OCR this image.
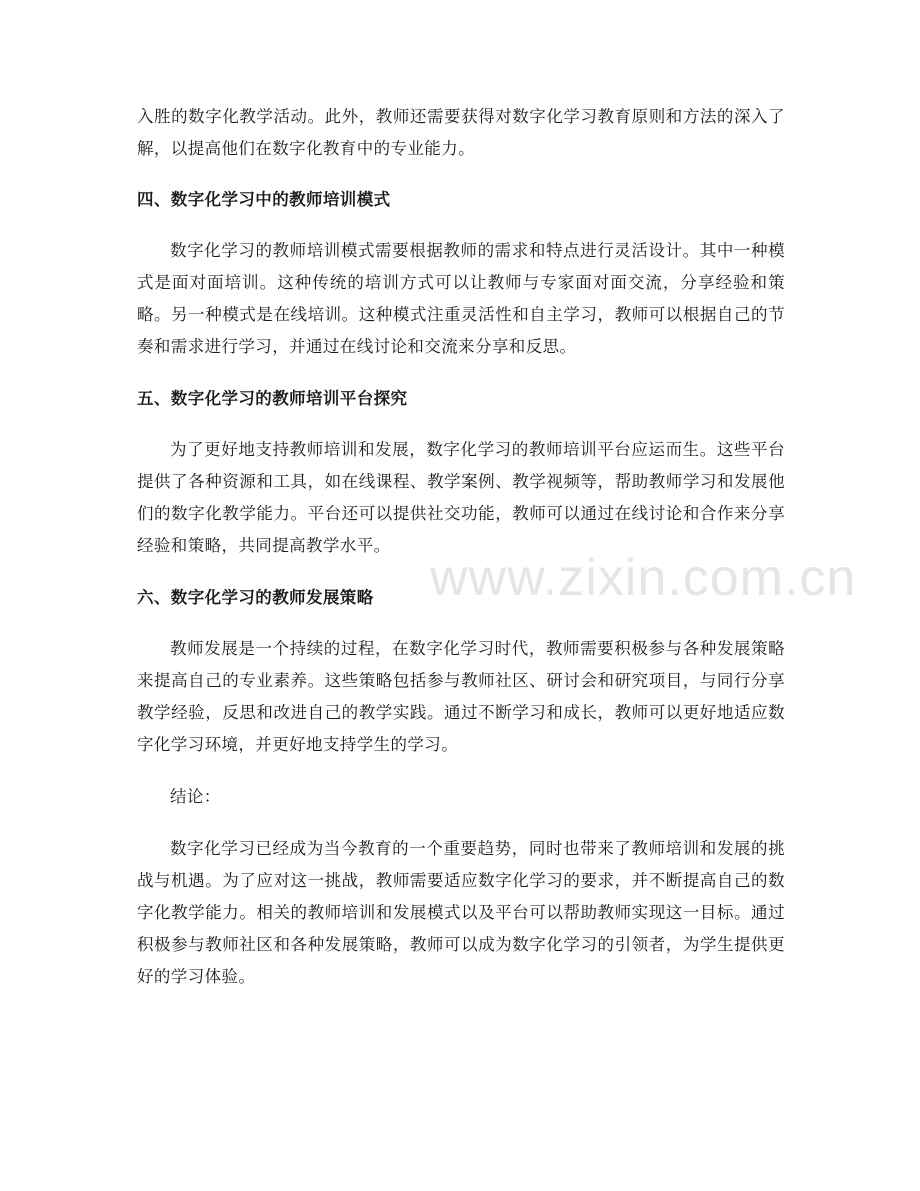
入胜的数字化教学活动。此外，教师还需要获得对数字化学习教育原则和方法的深入了解，以提高他们在数字化教育中的专业能力。

四、数字化学习中的教师培训模式

数字化学习的教师培训模式需要根据教师的需求和特点进行灵活设计。其中一种模式是面对面培训。这种传统的培训方式可以让教师与专家面对面交流，分享经验和策略。另一种模式是在线培训。这种模式注重灵活性和自主学习，教师可以根据自己的节奏和需求进行学习，并通过在线讨论和交流来分享和反思。

五、数字化学习的教师培训平台探究

为了更好地支持教师培训和发展，数字化学习的教师培训平台应运而生。这些平台提供了各种资源和工具，如在线课程、教学案例、教学视频等，帮助教师学习和发展他们的数字化教学能力。平台还可以提供社交功能，教师可以通过在线讨论和合作来分享经验和策略，共同提高教学水平。

六、数字化学习的教师发展策略

教师发展是一个持续的过程，在数字化学习时代，教师需要积极参与各种发展策略来提高自己的专业素养。这些策略包括参与教师社区、研讨会和研究项目，与同行分享教学经验，反思和改进自己的教学实践。通过不断学习和成长，教师可以更好地适应数字化学习环境，并更好地支持学生的学习。

结论：

数字化学习已经成为当今教育的一个重要趋势，同时也带来了教师培训和发展的挑战与机遇。为了应对这一挑战，教师需要适应数字化学习的要求，并不断提高自己的数字化教学能力。相关的教师培训和发展模式以及平台可以帮助教师实现这一目标。通过积极参与教师社区和各种发展策略，教师可以成为数字化学习的引领者，为学生提供更好的学习体验。

www.zixin.com.cn
